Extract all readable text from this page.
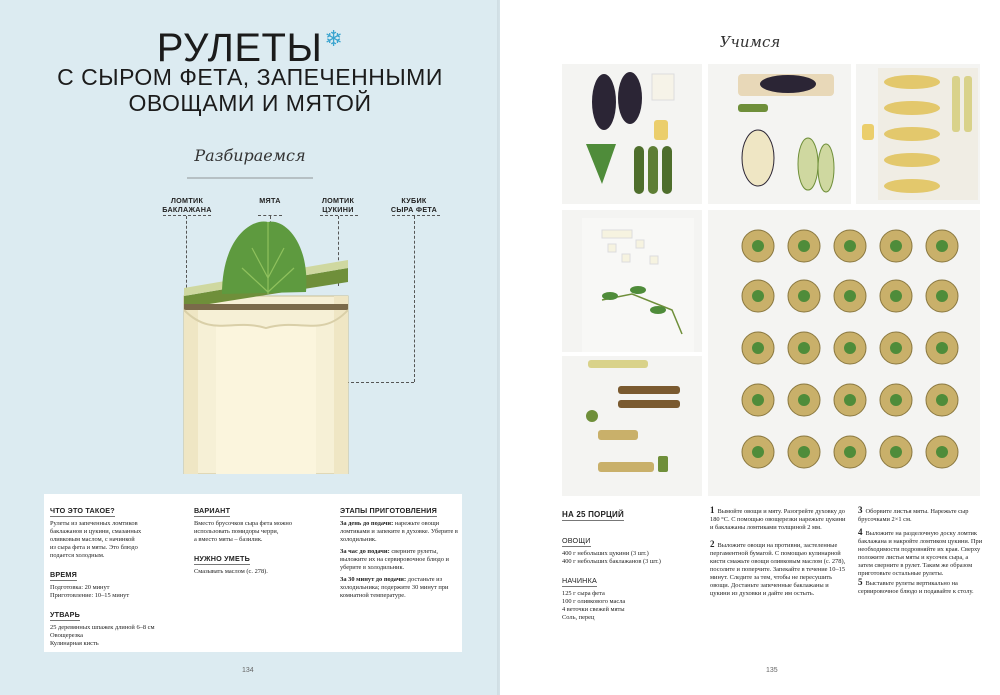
РУЛЕТЫ❄
С СЫРОМ ФЕТА, ЗАПЕЧЕННЫМИ
ОВОЩАМИ И МЯТОЙ
Разбираемся
ЛОМТИК
БАКЛАЖАНА
МЯТА	ЛОМТИК
ЦУКИНИ
КУБИК
СЫРА ФЕТА
ЧТО ЭТО ТАКОЕ?
Рулеты из запеченных ломтиков
баклажанов и цукини, смазанных
оливковым маслом, с начинкой
из сыра фета и мяты. Это блюдо
подается холодным.
ВРЕМЯ
Подготовка: 20 минут
Приготовление: 10–15 минут
УТВАРЬ
25 деревянных шпажек длиной 6–8 см
Овощерезка
Кулинарная кисть
ВАРИАНТ
Вместо брусочков сыра фета можно
использовать помидоры черри,
а вместо мяты – базилик.
НУЖНО УМЕТЬ
Смазывать маслом (с. 278).
ЭТАПЫ ПРИГОТОВЛЕНИЯ
За день до подачи: нарежьте овощи ломтиками и запеките в духовке. Уберите в холодильник.
За час до подачи: сверните рулеты, выложите их на сервировочное блюдо и уберите в холодильник.
За 30 минут до подачи: достаньте из холодильника; подержите 30 минут при комнатной температуре.
134
Учимся
НА 25 ПОРЦИЙ
ОВОЩИ
400 г небольших цукини (3 шт.)
400 г небольших баклажанов (3 шт.)
НАЧИНКА
125 г сыра фета
100 г оливкового масла
4 веточки свежей мяты
Соль, перец
1 Вымойте овощи и мяту. Разогрейте духовку до 180 °C. С помощью овощерезки нарежьте цукини и баклажаны ломтиками толщиной 2 мм.
2 Выложите овощи на противни, застеленные пергаментной бумагой. С помощью кулинарной кисти смажьте овощи оливковым маслом (с. 278), посолите и поперчите. Запекайте в течение 10–15 минут. Следите за тем, чтобы не пересушить овощи. Достаньте запеченные баклажаны и цукини из духовки и дайте им остыть.
3 Оборвите листья мяты. Нарежьте сыр брусочками 2×1 см.
4 Выложите на разделочную доску ломтик баклажана и накройте ломтиком цукини. При необходимости подровняйте их края. Сверху положите листья мяты и кусочек сыра, а затем сверните в рулет. Таким же образом приготовьте остальные рулеты.
5 Выставьте рулеты вертикально на сервировочное блюдо и подавайте к столу.
135
